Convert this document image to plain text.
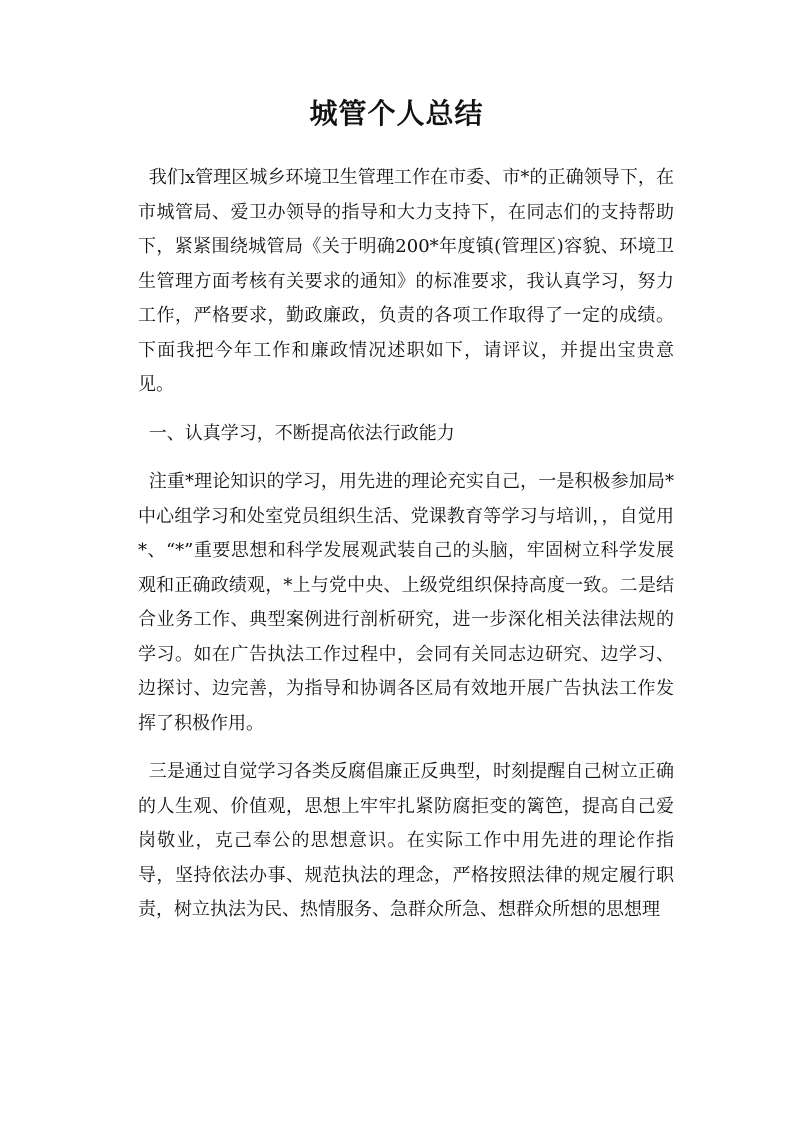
城管个人总结

我们x管理区城乡环境卫生管理工作在市委、市*的正确领导下，在市城管局、爱卫办领导的指导和大力支持下，在同志们的支持帮助下，紧紧围绕城管局《关于明确200*年度镇(管理区)容貌、环境卫生管理方面考核有关要求的通知》的标准要求，我认真学习，努力工作，严格要求，勤政廉政，负责的各项工作取得了一定的成绩。下面我把今年工作和廉政情况述职如下，请评议，并提出宝贵意见。

一、认真学习，不断提高依法行政能力

注重*理论知识的学习，用先进的理论充实自己，一是积极参加局*中心组学习和处室党员组织生活、党课教育等学习与培训，，自觉用*、“*”重要思想和科学发展观武装自己的头脑，牢固树立科学发展观和正确政绩观，*上与党中央、上级党组织保持高度一致。二是结合业务工作、典型案例进行剖析研究，进一步深化相关法律法规的学习。如在广告执法工作过程中，会同有关同志边研究、边学习、边探讨、边完善，为指导和协调各区局有效地开展广告执法工作发挥了积极作用。

三是通过自觉学习各类反腐倡廉正反典型，时刻提醒自己树立正确的人生观、价值观，思想上牢牢扎紧防腐拒变的篱笆，提高自己爱岗敬业，克己奉公的思想意识。在实际工作中用先进的理论作指导，坚持依法办事、规范执法的理念，严格按照法律的规定履行职责，树立执法为民、热情服务、急群众所急、想群众所想的思想理
